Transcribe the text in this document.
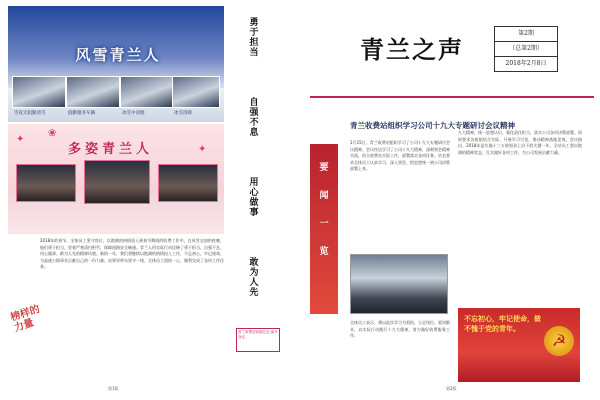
风雪青兰人
雪夜无阻勤清雪	值勤服务车辆	冰雪中清理	冰雪清障
✦
✦
❀
多姿青兰人
勇于担当
自强不息
用心做事
敢为人先
青兰收费站财政纪念 编号登记
2018年的春节，全体员工坚守岗位，以饱满的热情投入到春节期间的收费工作中。在风雪交加的夜晚，他们勇于担当，冒着严寒清扫积雪，保障道路安全畅通。青兰人用实际行动诠释了勇于担当、自强不息、用心做事、敢为人先的精神风貌。新的一年，我们将继续以饱满的热情投入工作，不忘初心，牢记使命，为高速公路事业贡献自己的一份力量。站领导带头坚守一线，全体员工团结一心，顺利完成了各项工作任务。
榜样的力量
第1版
青兰之声
第2期
（总第2期）
2018年2月8日
青兰收费站组织学习公司十九大专题研讨会议精神
要闻一览
1月15日，青兰收费站组织学习了公司十九大专题研讨会议精神。会议传达学习了公司十九大精神，深刻领会精神实质，结合收费站实际工作，部署落实各项任务。站长要求全体员工认真学习，深入领会，把思想统一到公司决策部署上来。
九大精神，统一思想认识，强化责任担当，落实公司各项决策部署。同时要求各班组结合实际，开展学习讨论，推动精神落地见效。会议指出，2018年是实施十三五规划承上启下的关键一年，全站员工要以饱满的精神状态，扎实做好各项工作，为公司发展贡献力量。
全体员工表示，将以此次学习为契机，立足岗位，爱岗敬业，以实际行动践行十九大精神，努力做好收费服务工作。
不忘初心，牢记使命，做不愧于党的青年。
☭
第2版
